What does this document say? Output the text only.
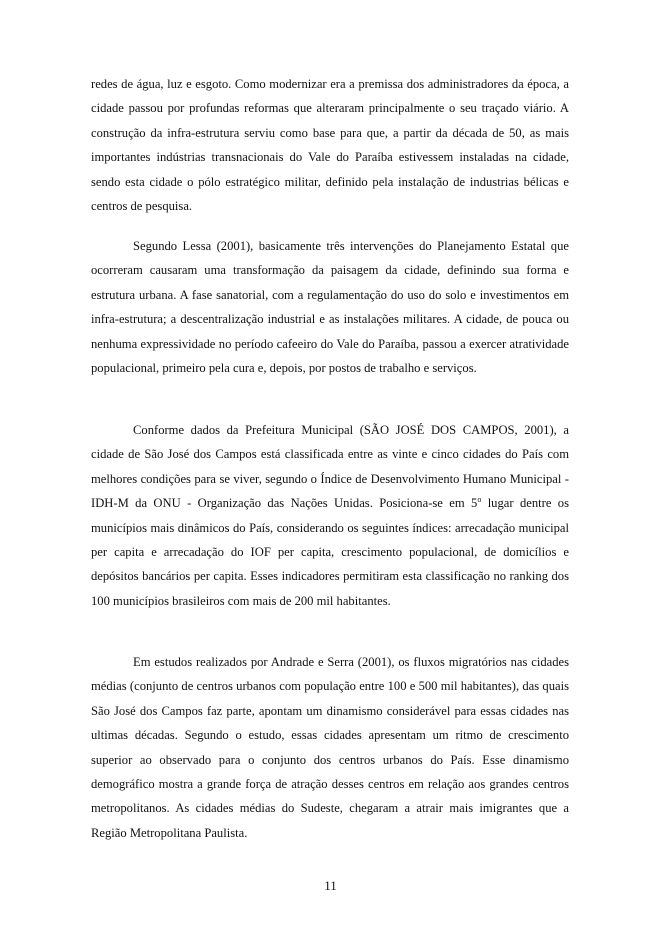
redes de água, luz e esgoto. Como modernizar era a premissa dos administradores da época, a cidade passou por profundas reformas que alteraram principalmente o seu traçado viário. A construção da infra-estrutura serviu como base para que, a partir da década de 50, as mais importantes indústrias transnacionais do Vale do Paraíba estivessem instaladas na cidade, sendo esta cidade o pólo estratégico militar, definido pela instalação de industrias bélicas e centros de pesquisa.

Segundo Lessa (2001), basicamente três intervenções do Planejamento Estatal que ocorreram causaram uma transformação da paisagem da cidade, definindo sua forma e estrutura urbana. A fase sanatorial, com a regulamentação do uso do solo e investimentos em infra-estrutura; a descentralização industrial e as instalações militares. A cidade, de pouca ou nenhuma expressividade no período cafeeiro do Vale do Paraíba, passou a exercer atratividade populacional, primeiro pela cura e, depois, por postos de trabalho e serviços.

Conforme dados da Prefeitura Municipal (SÃO JOSÉ DOS CAMPOS, 2001), a cidade de São José dos Campos está classificada entre as vinte e cinco cidades do País com melhores condições para se viver, segundo o Índice de Desenvolvimento Humano Municipal - IDH-M da ONU - Organização das Nações Unidas. Posiciona-se em 5$^o$ lugar dentre os municípios mais dinâmicos do País, considerando os seguintes índices: arrecadação municipal per capita e arrecadação do IOF per capita, crescimento populacional, de domicílios e depósitos bancários per capita. Esses indicadores permitiram esta classificação no ranking dos 100 municípios brasileiros com mais de 200 mil habitantes.

Em estudos realizados por Andrade e Serra (2001), os fluxos migratórios nas cidades médias (conjunto de centros urbanos com população entre 100 e 500 mil habitantes), das quais São José dos Campos faz parte, apontam um dinamismo considerável para essas cidades nas ultimas décadas. Segundo o estudo, essas cidades apresentam um ritmo de crescimento superior ao observado para o conjunto dos centros urbanos do País. Esse dinamismo demográfico mostra a grande força de atração desses centros em relação aos grandes centros metropolitanos. As cidades médias do Sudeste, chegaram a atrair mais imigrantes que a Região Metropolitana Paulista.

11
